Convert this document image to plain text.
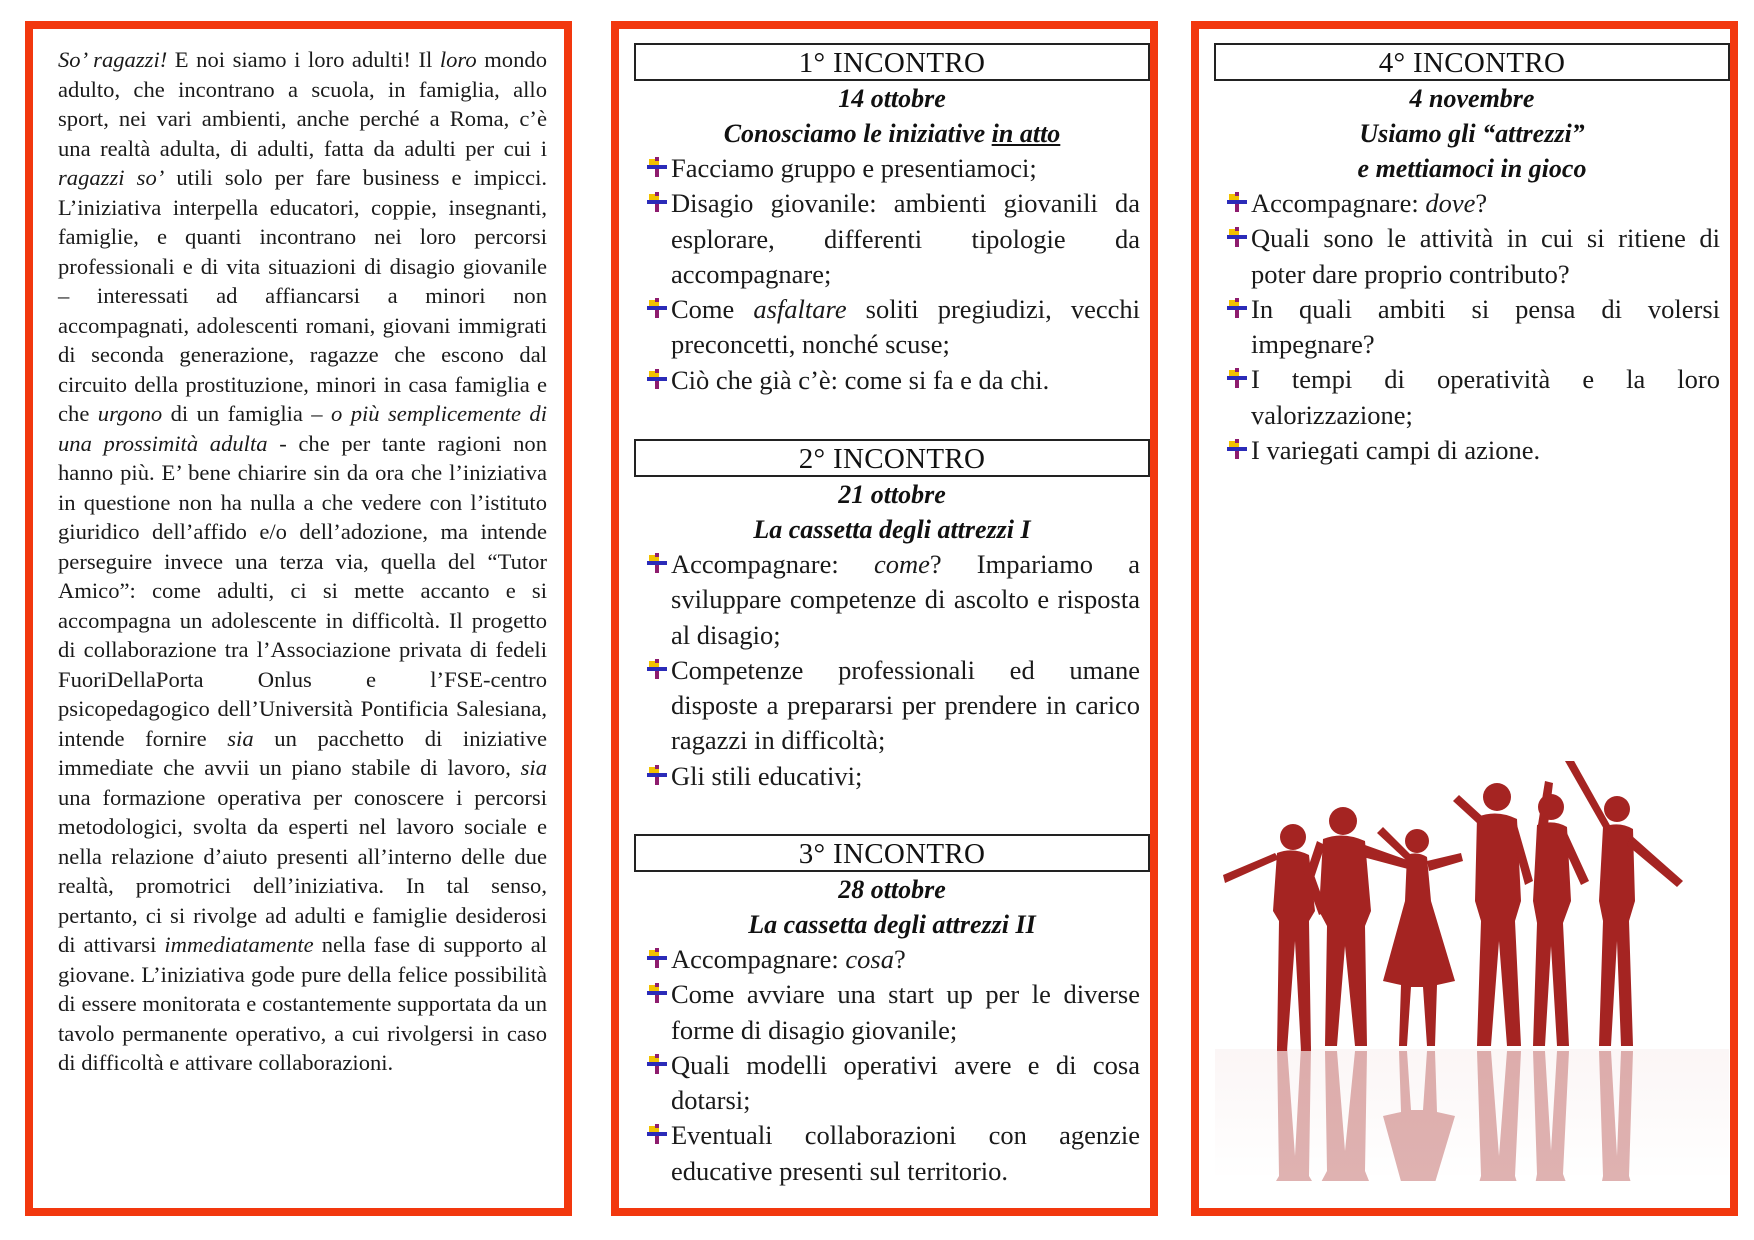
So’ ragazzi! E noi siamo i loro adulti! Il loro mondo adulto, che incontrano a scuola, in famiglia, allo sport, nei vari ambienti, anche perché a Roma, c’è una realtà adulta, di adulti, fatta da adulti per cui i ragazzi so’ utili solo per fare business e impicci. L’iniziativa interpella educatori, coppie, insegnanti, famiglie, e quanti incontrano nei loro percorsi professionali e di vita situazioni di disagio giovanile – interessati ad affiancarsi a minori non accompagnati, adolescenti romani, giovani immigrati di seconda generazione, ragazze che escono dal circuito della prostituzione, minori in casa famiglia e che urgono di un famiglia – o più semplicemente di una prossimità adulta - che per tante ragioni non hanno più. E’ bene chiarire sin da ora che l’iniziativa in questione non ha nulla a che vedere con l’istituto giuridico dell’affido e/o dell’adozione, ma intende perseguire invece una terza via, quella del “Tutor Amico”: come adulti, ci si mette accanto e si accompagna un adolescente in difficoltà. Il progetto di collaborazione tra l’Associazione privata di fedeli FuoriDellaPorta Onlus e l’FSE-centro psicopedagogico dell’Università Pontificia Salesiana, intende fornire sia un pacchetto di iniziative immediate che avvii un piano stabile di lavoro, sia una formazione operativa per conoscere i percorsi metodologici, svolta da esperti nel lavoro sociale e nella relazione d’aiuto presenti all’interno delle due realtà, promotrici dell’iniziativa. In tal senso, pertanto, ci si rivolge ad adulti e famiglie desiderosi di attivarsi immediatamente nella fase di supporto al giovane. L’iniziativa gode pure della felice possibilità di essere monitorata e costantemente supportata da un tavolo permanente operativo, a cui rivolgersi in caso di difficoltà e attivare collaborazioni.
1° INCONTRO
14 ottobre
Conosciamo le iniziative in atto
Facciamo gruppo e presentiamoci;
Disagio giovanile: ambienti giovanili da esplorare, differenti tipologie da accompagnare;
Come asfaltare soliti pregiudizi, vecchi preconcetti, nonché scuse;
Ciò che già c’è: come si fa e da chi.
2° INCONTRO
21 ottobre
La cassetta degli attrezzi I
Accompagnare: come? Impariamo a sviluppare competenze di ascolto e risposta al disagio;
Competenze professionali ed umane disposte a prepararsi per prendere in carico ragazzi in difficoltà;
Gli stili educativi;
3° INCONTRO
28 ottobre
La cassetta degli attrezzi II
Accompagnare: cosa?
Come avviare una start up per le diverse forme di disagio giovanile;
Quali modelli operativi avere e di cosa dotarsi;
Eventuali collaborazioni con agenzie educative presenti sul territorio.
4° INCONTRO
4 novembre
Usiamo gli “attrezzi”
e mettiamoci in gioco
Accompagnare: dove?
Quali sono le attività in cui si ritiene di poter dare proprio contributo?
In quali ambiti si pensa di volersi impegnare?
I tempi di operatività e la loro valorizzazione;
I variegati campi di azione.
